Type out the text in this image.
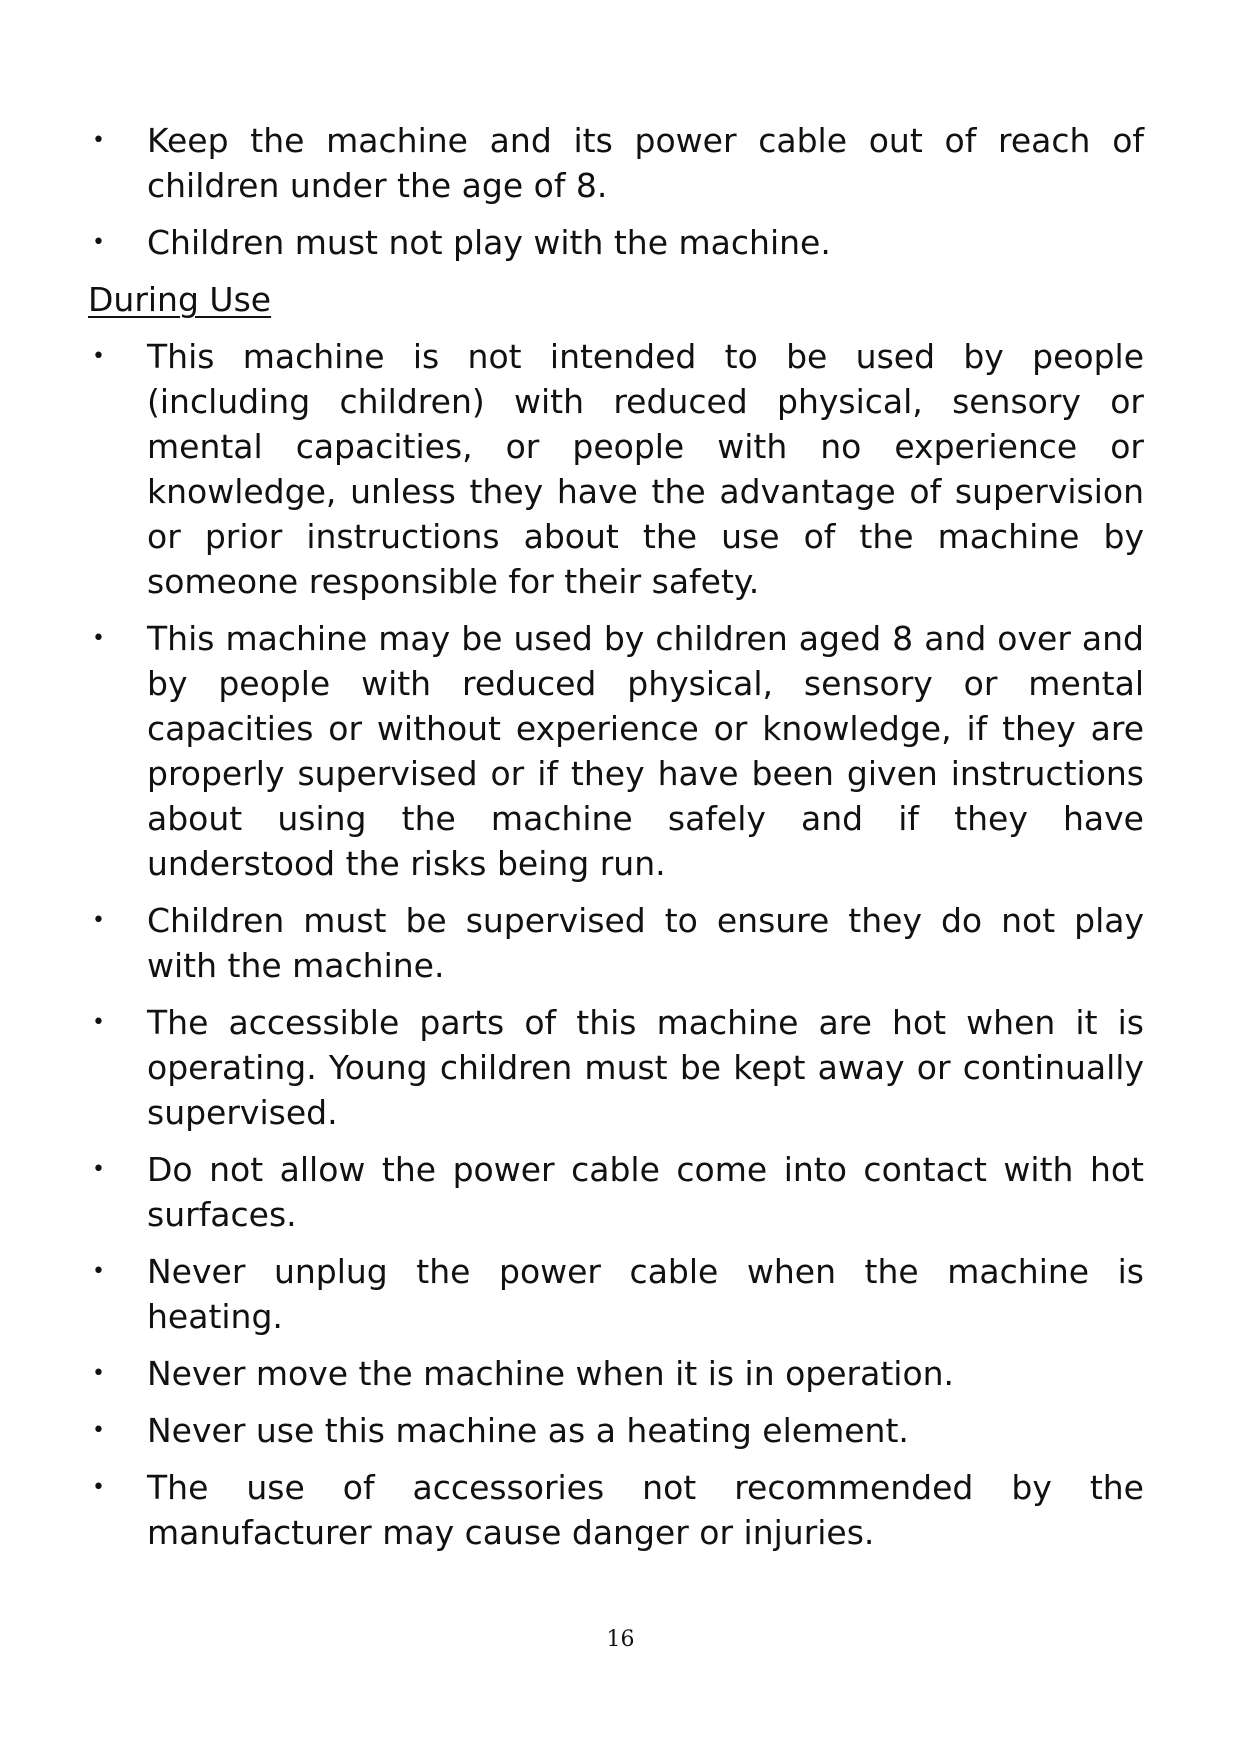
• Keep the machine and its power cable out of reach of children under the age of 8.
• Children must not play with the machine.
During Use
• This machine is not intended to be used by people (including children) with reduced physical, sensory or mental capacities, or people with no experience or knowledge, unless they have the advantage of supervision or prior instructions about the use of the machine by someone responsible for their safety.
• This machine may be used by children aged 8 and over and by people with reduced physical, sensory or mental capacities or without experience or knowledge, if they are properly supervised or if they have been given instructions about using the machine safely and if they have understood the risks being run.
• Children must be supervised to ensure they do not play with the machine.
• The accessible parts of this machine are hot when it is operating. Young children must be kept away or continually supervised.
• Do not allow the power cable come into contact with hot surfaces.
• Never unplug the power cable when the machine is heating.
• Never move the machine when it is in operation.
• Never use this machine as a heating element.
• The use of accessories not recommended by the manufacturer may cause danger or injuries.
16
